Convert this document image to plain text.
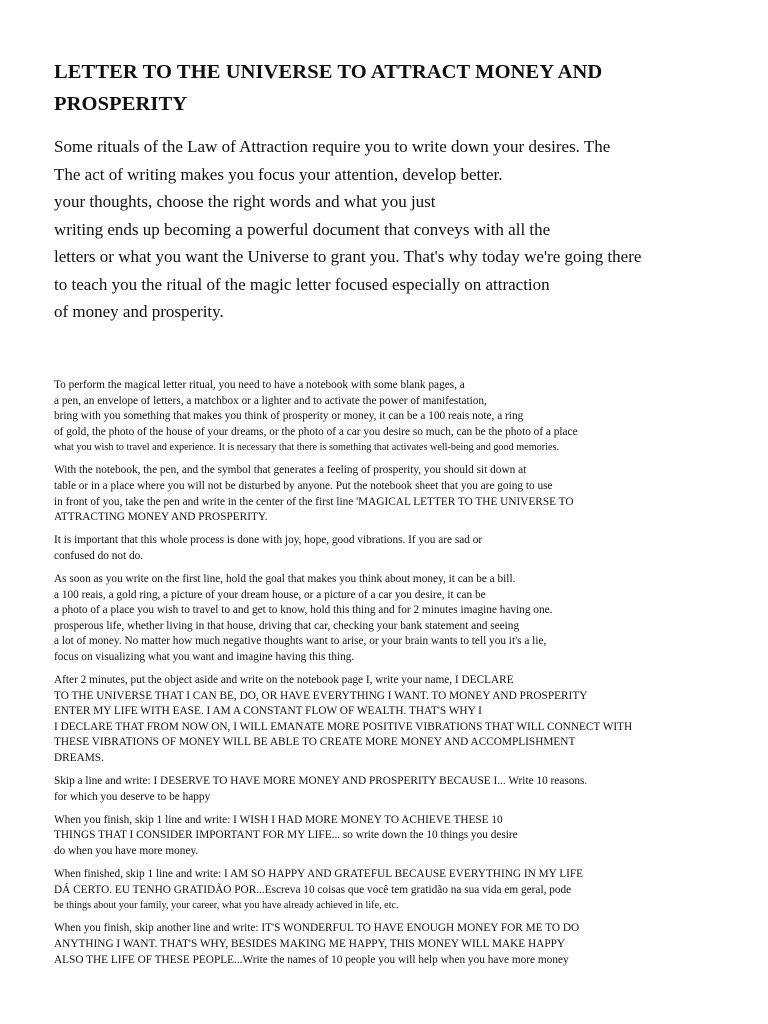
LETTER TO THE UNIVERSE TO ATTRACT MONEY AND
PROSPERITY
Some rituals of the Law of Attraction require you to write down your desires. The
The act of writing makes you focus your attention, develop better.
your thoughts, choose the right words and what you just
writing ends up becoming a powerful document that conveys with all the
letters or what you want the Universe to grant you. That's why today we're going there
to teach you the ritual of the magic letter focused especially on attraction
of money and prosperity.

To perform the magical letter ritual, you need to have a notebook with some blank pages, a
a pen, an envelope of letters, a matchbox or a lighter and to activate the power of manifestation,
bring with you something that makes you think of prosperity or money, it can be a 100 reais note, a ring
of gold, the photo of the house of your dreams, or the photo of a car you desire so much, can be the photo of a place
what you wish to travel and experience. It is necessary that there is something that activates well-being and good memories.

With the notebook, the pen, and the symbol that generates a feeling of prosperity, you should sit down at
table or in a place where you will not be disturbed by anyone. Put the notebook sheet that you are going to use
in front of you, take the pen and write in the center of the first line 'MAGICAL LETTER TO THE UNIVERSE TO
ATTRACTING MONEY AND PROSPERITY.

It is important that this whole process is done with joy, hope, good vibrations. If you are sad or
confused do not do.

As soon as you write on the first line, hold the goal that makes you think about money, it can be a bill.
a 100 reais, a gold ring, a picture of your dream house, or a picture of a car you desire, it can be
a photo of a place you wish to travel to and get to know, hold this thing and for 2 minutes imagine having one.
prosperous life, whether living in that house, driving that car, checking your bank statement and seeing
a lot of money. No matter how much negative thoughts want to arise, or your brain wants to tell you it's a lie,
focus on visualizing what you want and imagine having this thing.

After 2 minutes, put the object aside and write on the notebook page I, write your name, I DECLARE
TO THE UNIVERSE THAT I CAN BE, DO, OR HAVE EVERYTHING I WANT. TO MONEY AND PROSPERITY
ENTER MY LIFE WITH EASE. I AM A CONSTANT FLOW OF WEALTH. THAT'S WHY I
I DECLARE THAT FROM NOW ON, I WILL EMANATE MORE POSITIVE VIBRATIONS THAT WILL CONNECT WITH
THESE VIBRATIONS OF MONEY WILL BE ABLE TO CREATE MORE MONEY AND ACCOMPLISHMENT
DREAMS.

Skip a line and write: I DESERVE TO HAVE MORE MONEY AND PROSPERITY BECAUSE I... Write 10 reasons.
for which you deserve to be happy

When you finish, skip 1 line and write: I WISH I HAD MORE MONEY TO ACHIEVE THESE 10
THINGS THAT I CONSIDER IMPORTANT FOR MY LIFE... so write down the 10 things you desire
do when you have more money.

When finished, skip 1 line and write: I AM SO HAPPY AND GRATEFUL BECAUSE EVERYTHING IN MY LIFE
DÁ CERTO. EU TENHO GRATIDÃO POR...Escreva 10 coisas que você tem gratidão na sua vida em geral, pode
be things about your family, your career, what you have already achieved in life, etc.

When you finish, skip another line and write: IT'S WONDERFUL TO HAVE ENOUGH MONEY FOR ME TO DO
ANYTHING I WANT. THAT'S WHY, BESIDES MAKING ME HAPPY, THIS MONEY WILL MAKE HAPPY
ALSO THE LIFE OF THESE PEOPLE...Write the names of 10 people you will help when you have more money
